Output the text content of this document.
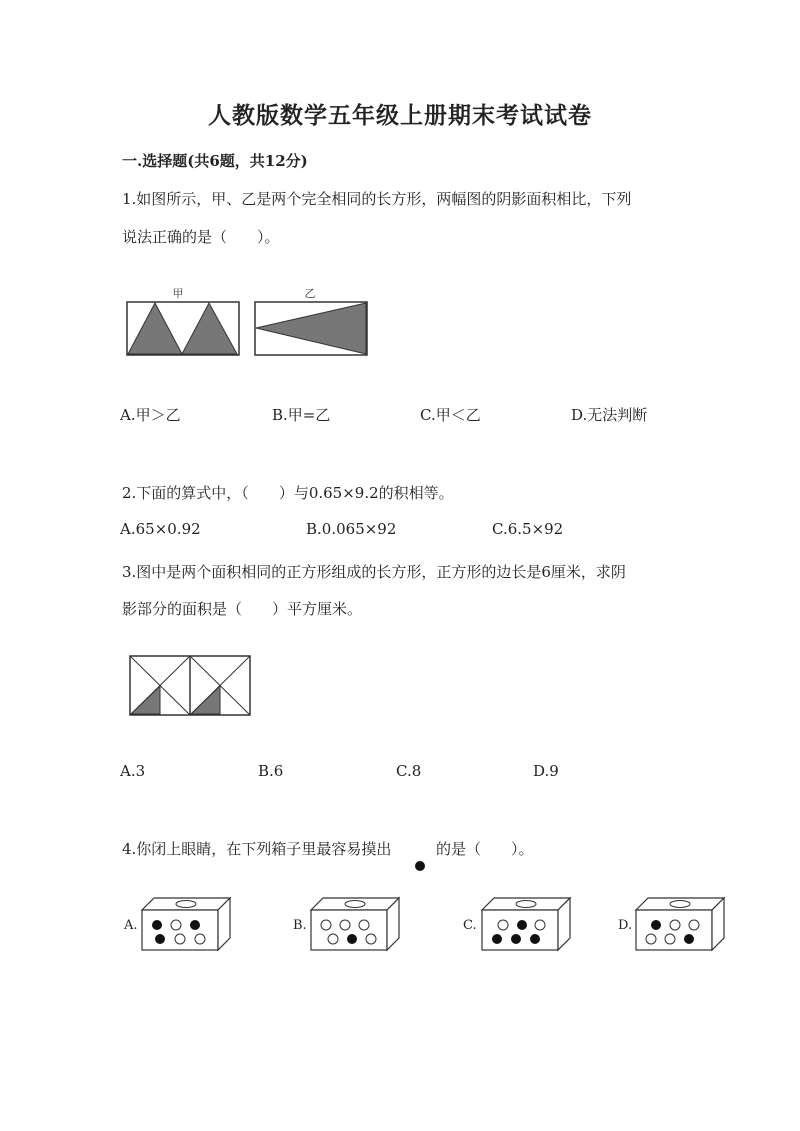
人教版数学五年级上册期末考试试卷
一.选择题(共6题，共12分)
1.如图所示，甲、乙是两个完全相同的长方形，两幅图的阴影面积相比，下列
说法正确的是（　　）。
甲	乙
A.甲＞乙	B.甲=乙	C.甲＜乙	D.无法判断
2.下面的算式中，（　　）与0.65×9.2的积相等。
A.65×0.92	B.0.065×92	C.6.5×92
3.图中是两个面积相同的正方形组成的长方形，正方形的边长是6厘米，求阴
影部分的面积是（　　）平方厘米。
A.3	B.6	C.8	D.9
4.你闭上眼睛，在下列箱子里最容易摸出	的是（　　）。
A.	B.	C.	D.
